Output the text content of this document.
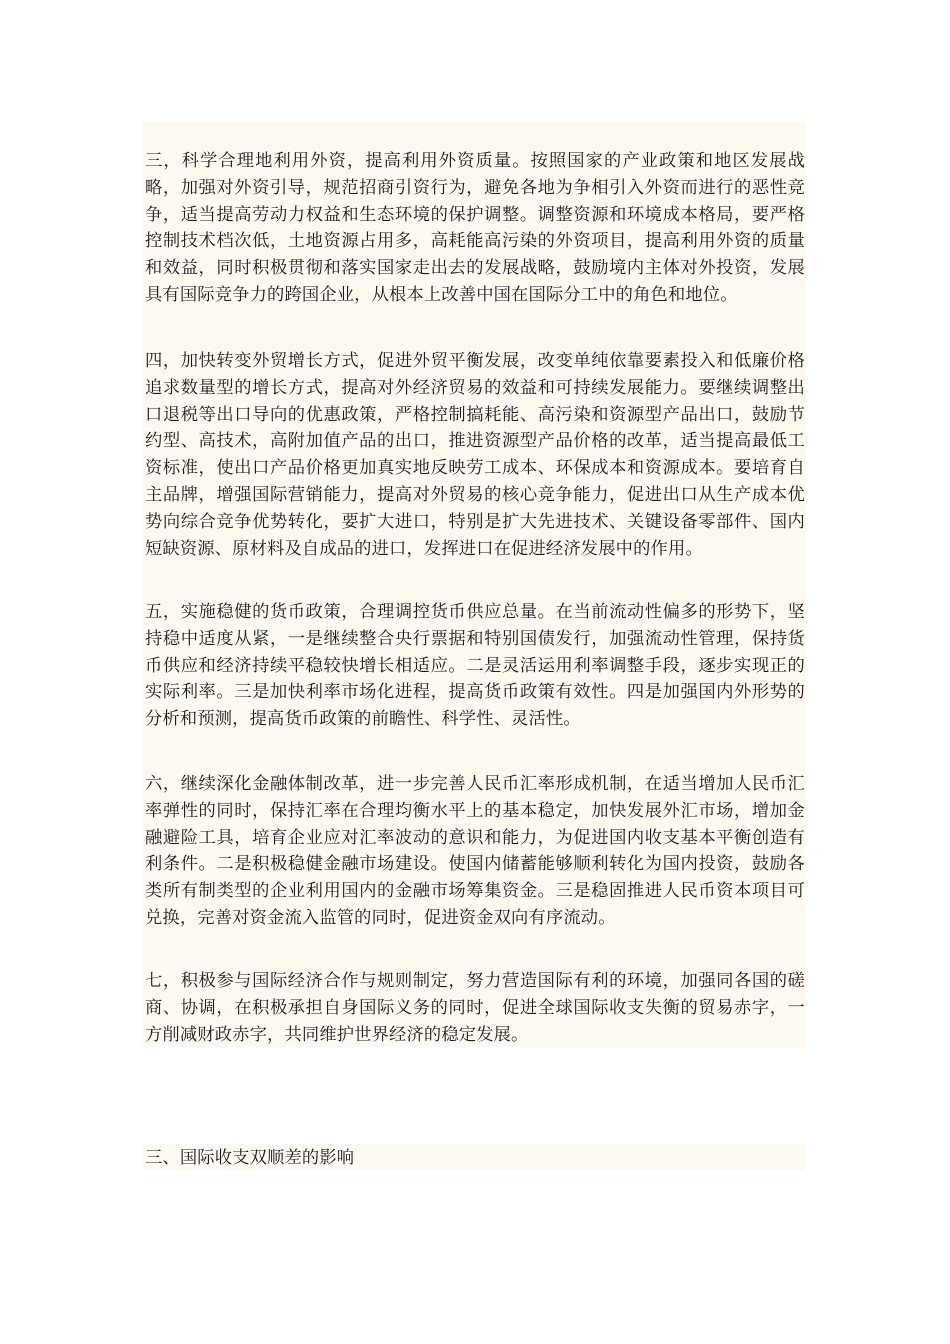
三，科学合理地利用外资，提高利用外资质量。按照国家的产业政策和地区发展战略，加强对外资引导，规范招商引资行为，避免各地为争相引入外资而进行的恶性竞争，适当提高劳动力权益和生态环境的保护调整。调整资源和环境成本格局，要严格控制技术档次低，土地资源占用多，高耗能高污染的外资项目，提高利用外资的质量和效益，同时积极贯彻和落实国家走出去的发展战略，鼓励境内主体对外投资，发展具有国际竞争力的跨国企业，从根本上改善中国在国际分工中的角色和地位。

四，加快转变外贸增长方式，促进外贸平衡发展，改变单纯依靠要素投入和低廉价格追求数量型的增长方式，提高对外经济贸易的效益和可持续发展能力。要继续调整出口退税等出口导向的优惠政策，严格控制搞耗能、高污染和资源型产品出口，鼓励节约型、高技术，高附加值产品的出口，推进资源型产品价格的改革，适当提高最低工资标准，使出口产品价格更加真实地反映劳工成本、环保成本和资源成本。要培育自主品牌，增强国际营销能力，提高对外贸易的核心竞争能力，促进出口从生产成本优势向综合竞争优势转化，要扩大进口，特别是扩大先进技术、关键设备零部件、国内短缺资源、原材料及自成品的进口，发挥进口在促进经济发展中的作用。

五，实施稳健的货币政策，合理调控货币供应总量。在当前流动性偏多的形势下，坚持稳中适度从紧，一是继续整合央行票据和特别国债发行，加强流动性管理，保持货币供应和经济持续平稳较快增长相适应。二是灵活运用利率调整手段，逐步实现正的实际利率。三是加快利率市场化进程，提高货币政策有效性。四是加强国内外形势的分析和预测，提高货币政策的前瞻性、科学性、灵活性。

六，继续深化金融体制改革，进一步完善人民币汇率形成机制，在适当增加人民币汇率弹性的同时，保持汇率在合理均衡水平上的基本稳定，加快发展外汇市场，增加金融避险工具，培育企业应对汇率波动的意识和能力，为促进国内收支基本平衡创造有利条件。二是积极稳健金融市场建设。使国内储蓄能够顺利转化为国内投资，鼓励各类所有制类型的企业利用国内的金融市场筹集资金。三是稳固推进人民币资本项目可兑换，完善对资金流入监管的同时，促进资金双向有序流动。

七，积极参与国际经济合作与规则制定，努力营造国际有利的环境，加强同各国的磋商、协调，在积极承担自身国际义务的同时，促进全球国际收支失衡的贸易赤字，一方削减财政赤字，共同维护世界经济的稳定发展。

三、国际收支双顺差的影响
